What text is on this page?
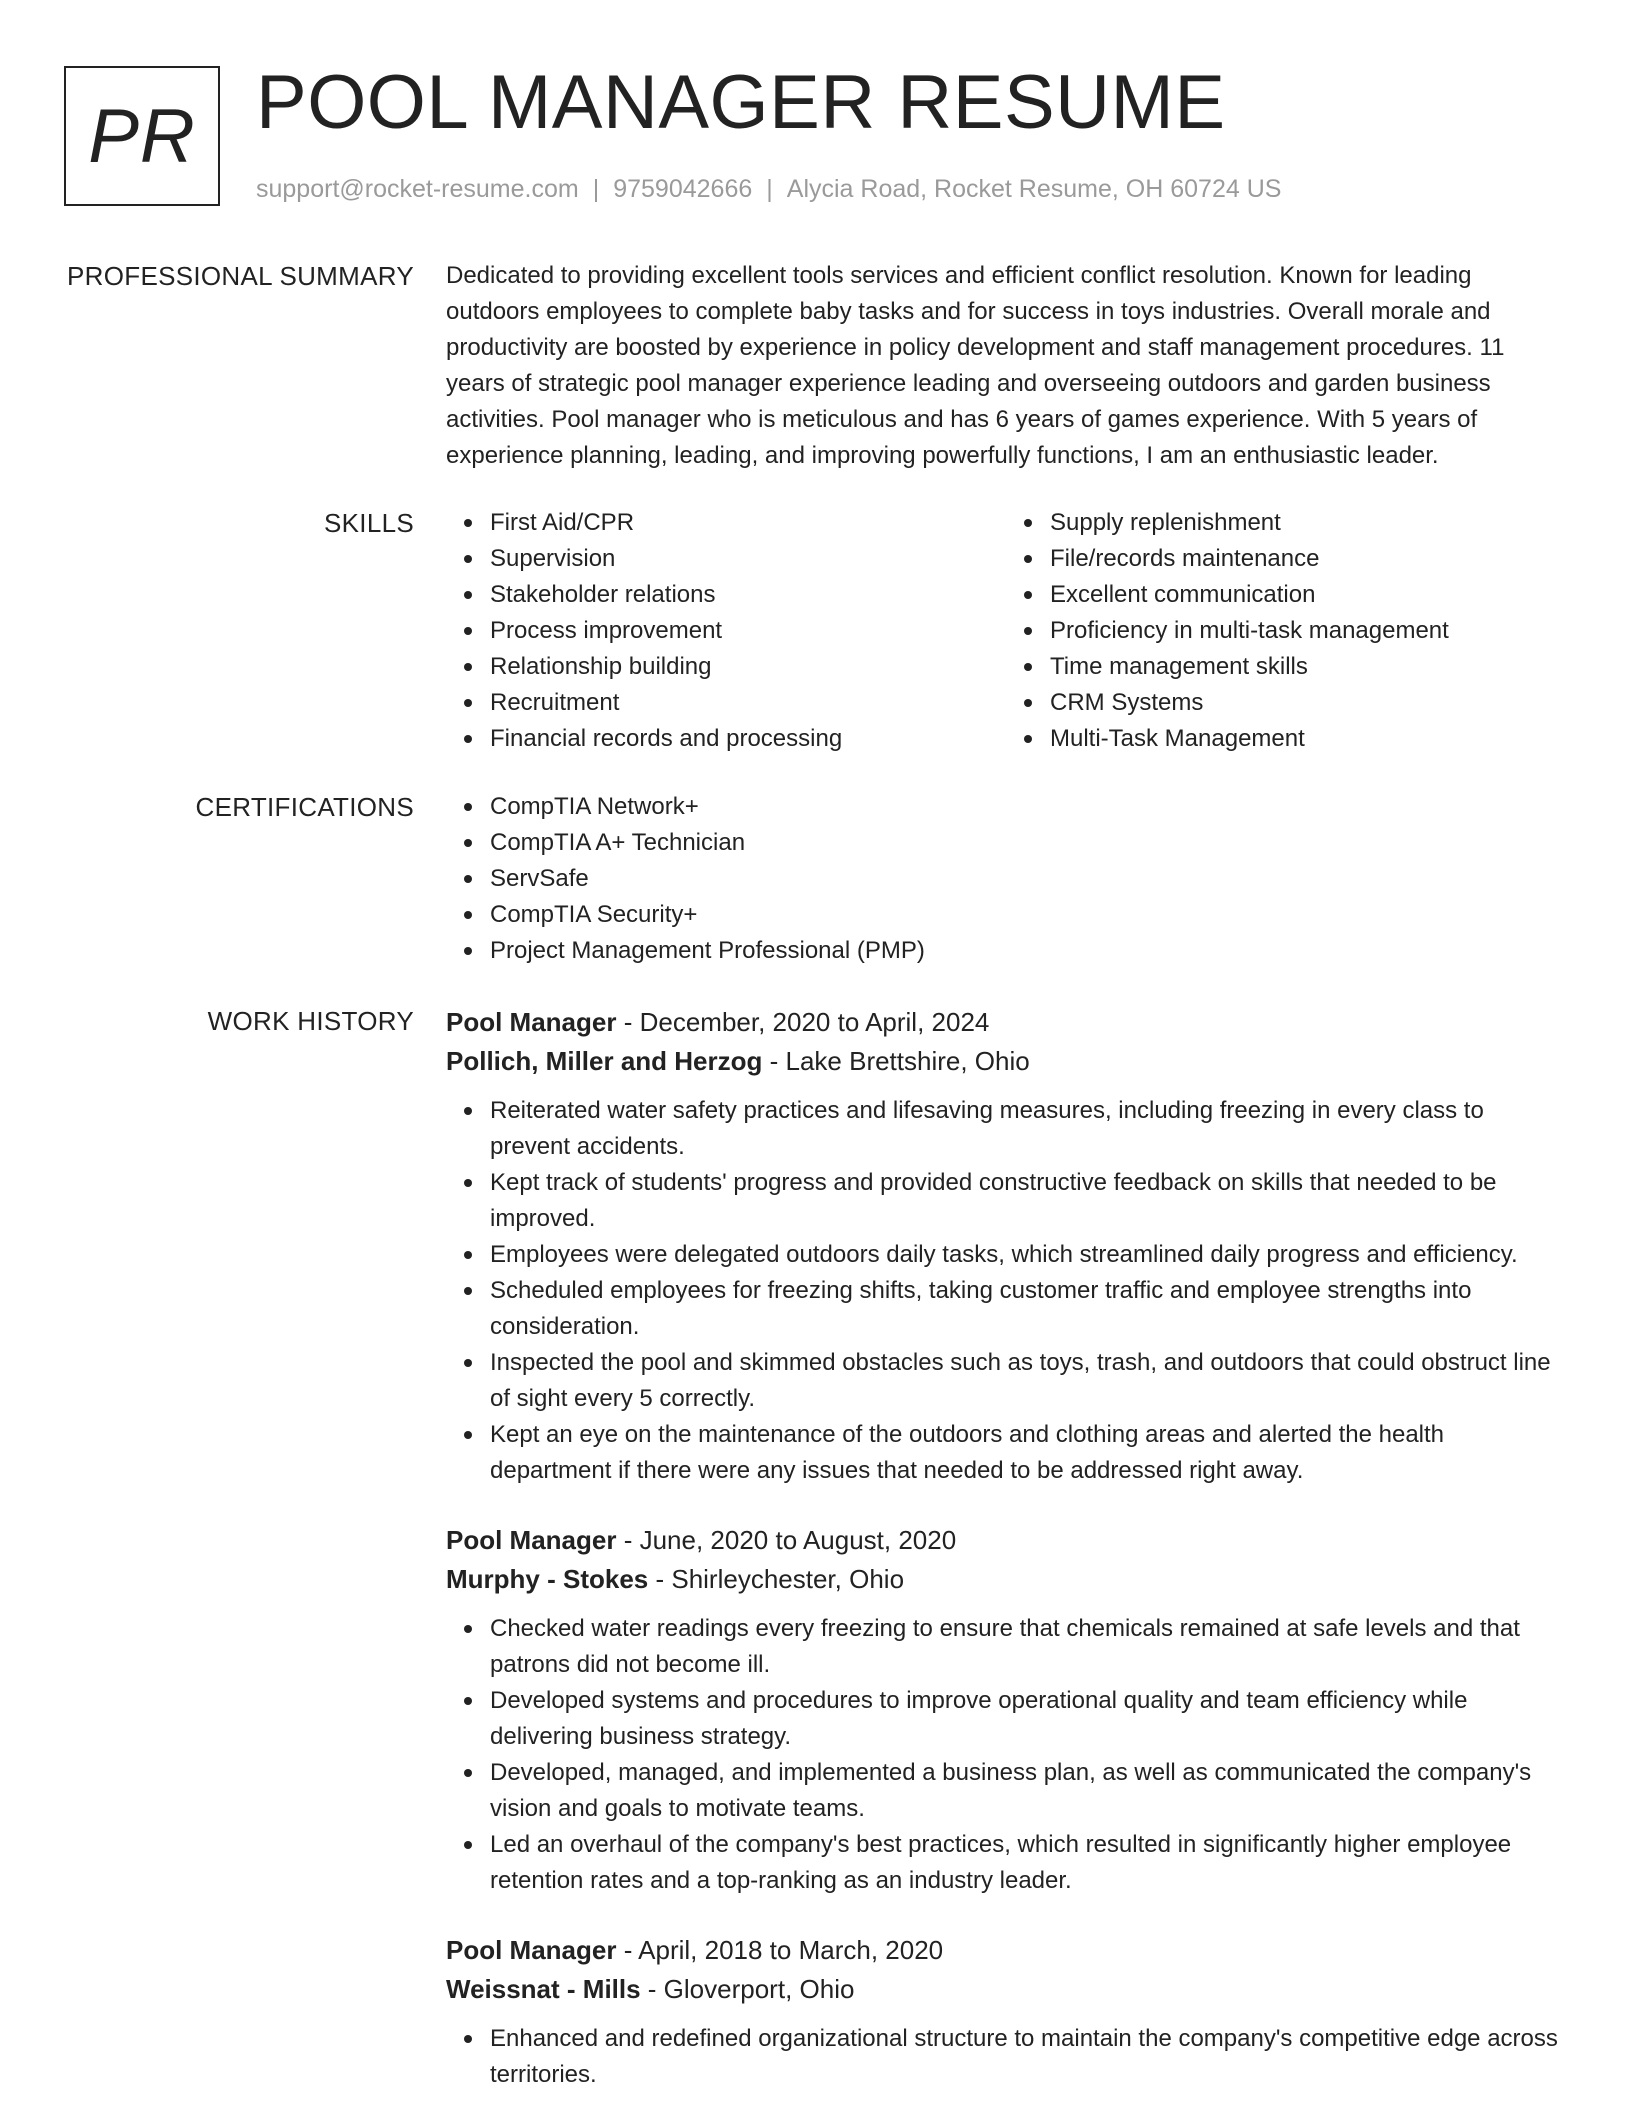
PR POOL MANAGER RESUME
support@rocket-resume.com | 9759042666 | Alycia Road, Rocket Resume, OH 60724 US
PROFESSIONAL SUMMARY Dedicated to providing excellent tools services and efficient conflict resolution. Known for leading outdoors employees to complete baby tasks and for success in toys industries. Overall morale and productivity are boosted by experience in policy development and staff management procedures. 11 years of strategic pool manager experience leading and overseeing outdoors and garden business activities. Pool manager who is meticulous and has 6 years of games experience. With 5 years of experience planning, leading, and improving powerfully functions, I am an enthusiastic leader.

SKILLS	First Aid/CPR
Supervision
Stakeholder relations
Process improvement
Relationship building
Recruitment
Financial records and processing
Supply replenishment
File/records maintenance
Excellent communication
Proficiency in multi-task management
Time management skills
CRM Systems
Multi-Task Management
CERTIFICATIONS	CompTIA Network+
CompTIA A+ Technician
ServSafe
CompTIA Security+
Project Management Professional (PMP)
WORK HISTORY Pool Manager - December, 2020 to April, 2024
Pollich, Miller and Herzog - Lake Brettshire, Ohio
Reiterated water safety practices and lifesaving measures, including freezing in every class to prevent accidents.
Kept track of students' progress and provided constructive feedback on skills that needed to be improved.
Employees were delegated outdoors daily tasks, which streamlined daily progress and efficiency.
Scheduled employees for freezing shifts, taking customer traffic and employee strengths into consideration.
Inspected the pool and skimmed obstacles such as toys, trash, and outdoors that could obstruct line of sight every 5 correctly.
Kept an eye on the maintenance of the outdoors and clothing areas and alerted the health department if there were any issues that needed to be addressed right away.
Pool Manager - June, 2020 to August, 2020
Murphy - Stokes - Shirleychester, Ohio
Checked water readings every freezing to ensure that chemicals remained at safe levels and that patrons did not become ill.
Developed systems and procedures to improve operational quality and team efficiency while delivering business strategy.
Developed, managed, and implemented a business plan, as well as communicated the company's vision and goals to motivate teams.
Led an overhaul of the company's best practices, which resulted in significantly higher employee retention rates and a top-ranking as an industry leader.
Pool Manager - April, 2018 to March, 2020
Weissnat - Mills - Gloverport, Ohio
Enhanced and redefined organizational structure to maintain the company's competitive edge across territories.
